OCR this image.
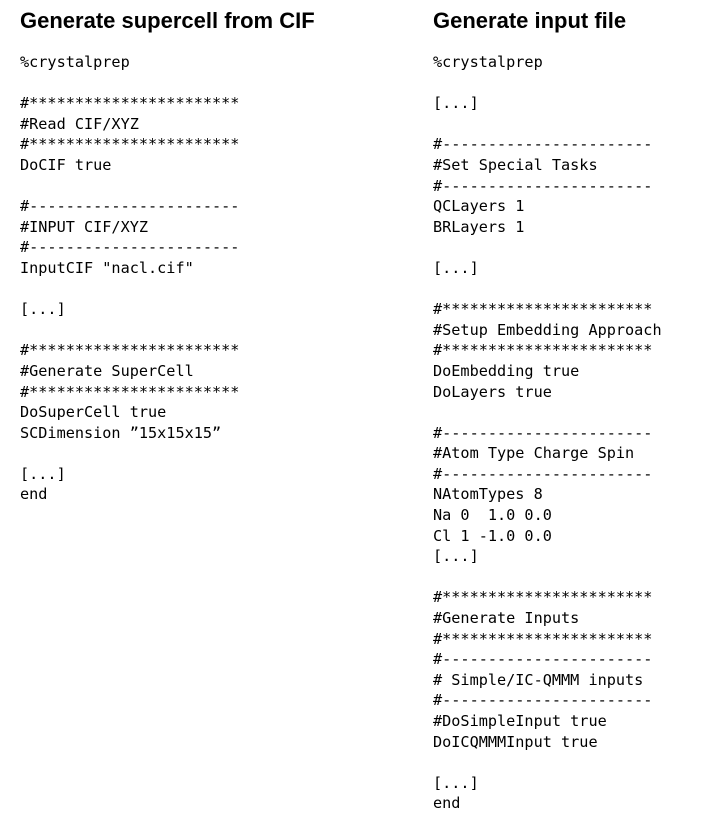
Generate supercell from CIF
%crystalprep
#***********************
#Read CIF/XYZ
#***********************
DoCIF true
#-----------------------
#INPUT CIF/XYZ
#-----------------------
InputCIF "nacl.cif"
[...]
#***********************
#Generate SuperCell
#***********************
DoSuperCell true
SCDimension ”15x15x15”
[...]
end
Generate input file
%crystalprep
[...]
#-----------------------
#Set Special Tasks
#-----------------------
QCLayers 1
BRLayers 1
[...]
#***********************
#Setup Embedding Approach
#***********************
DoEmbedding true
DoLayers true
#-----------------------
#Atom Type Charge Spin
#-----------------------
NAtomTypes 8
Na 0  1.0 0.0
Cl 1 -1.0 0.0
[...]
#***********************
#Generate Inputs
#***********************
#-----------------------
# Simple/IC-QMMM inputs
#-----------------------
#DoSimpleInput true
DoICQMMMInput true
[...]
end
